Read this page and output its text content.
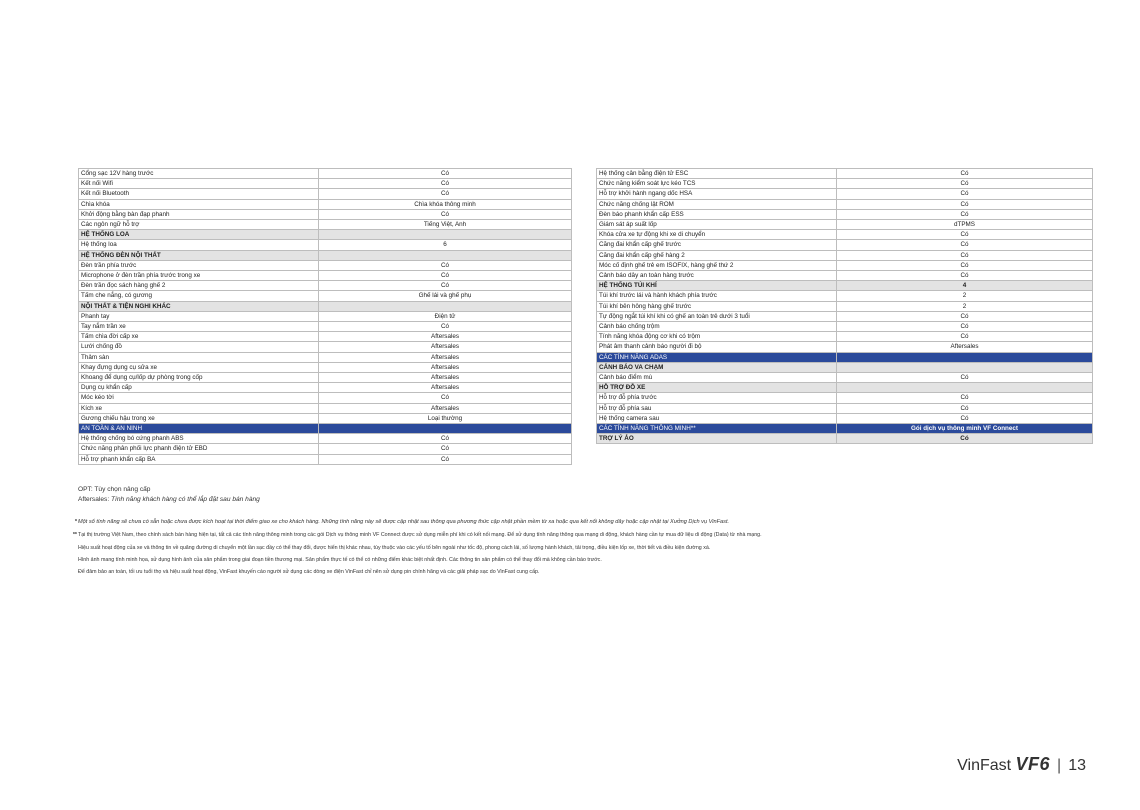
Cổng sạc 12V hàng trước	Có
Kết nối Wifi	Có
Kết nối Bluetooth	Có
Chìa khóa	Chìa khóa thông minh
Khởi động bằng bàn đạp phanh	Có
Các ngôn ngữ hỗ trợ	Tiếng Việt, Anh
HỆ THỐNG LOA	
Hệ thống loa	6
HỆ THỐNG ĐÈN NỘI THẤT	
Đèn trần phía trước	Có
Microphone ở đèn trần phía trước trong xe	Có
Đèn trần đọc sách hàng ghế 2	Có
Tấm che nắng, có gương	Ghế lái và ghế phụ
NỘI THẤT & TIỆN NGHI KHÁC	
Phanh tay	Điện tử
Tay nắm trần xe	Có
Tấm chìa đời cấp xe	Aftersales
Lưới chống đồ	Aftersales
Thảm sàn	Aftersales
Khay đựng dụng cụ sửa xe	Aftersales
Khoang để dụng cụ/lốp dự phòng trong cốp	Aftersales
Dụng cụ khẩn cấp	Aftersales
Móc kéo tời	Có
Kích xe	Aftersales
Gương chiếu hậu trong xe	Loại thường
AN TOÀN & AN NINH	
Hệ thống chống bó cứng phanh ABS	Có
Chức năng phân phối lực phanh điện tử EBD	Có
Hỗ trợ phanh khẩn cấp BA	Có
Hệ thống cân bằng điện tử ESC	Có
Chức năng kiểm soát lực kéo TCS	Có
Hỗ trợ khởi hành ngang dốc HSA	Có
Chức năng chống lật ROM	Có
Đèn báo phanh khẩn cấp ESS	Có
Giám sát áp suất lốp	dTPMS
Khóa cửa xe tự động khi xe di chuyển	Có
Căng đai khẩn cấp ghế trước	Có
Căng đai khẩn cấp ghế hàng 2	Có
Móc cố định ghế trẻ em ISOFIX, hàng ghế thứ 2	Có
Cảnh báo dây an toàn hàng trước	Có
HỆ THỐNG TÚI KHÍ	4
Túi khí trước lái và hành khách phía trước	2
Túi khí bên hông hàng ghế trước	2
Tự động ngắt túi khí khi có ghế an toàn trẻ dưới 3 tuổi	Có
Cảnh báo chống trộm	Có
Tính năng khóa động cơ khi có trộm	Có
Phát âm thanh cảnh báo người đi bộ	Aftersales
CÁC TÍNH NĂNG ADAS	
CẢNH BÁO VA CHẠM	
Cảnh báo điểm mù	Có
HỖ TRỢ ĐỖ XE	
Hỗ trợ đỗ phía trước	Có
Hỗ trợ đỗ phía sau	Có
Hệ thống camera sau	Có
CÁC TÍNH NĂNG THÔNG MINH**	Gói dịch vụ thông minh VF Connect
TRỢ LÝ ẢO	Có
OPT: Tùy chọn nâng cấp
Aftersales: Tính năng khách hàng có thể lắp đặt sau bán hàng
* Một số tính năng sẽ chưa có sẵn hoặc chưa được kích hoạt tại thời điểm giao xe cho khách hàng. Những tính năng này sẽ được cập nhật sau thông qua phương thức cập nhật phần mềm từ xa hoặc qua kết nối không dây hoặc cập nhật tại Xưởng Dịch vụ VinFast.
** Tại thị trường Việt Nam, theo chính sách bán hàng hiện tại, tất cả các tính năng thông minh trong các gói Dịch vụ thông minh VF Connect được sử dụng miễn phí khi có kết nối mạng. Để sử dụng tính năng thông qua mạng di động, khách hàng cần tự mua dữ liệu di động (Data) từ nhà mạng.
Hiệu suất hoạt động của xe và thông tin về quãng đường di chuyển một lần sạc đầy có thể thay đổi, được hiển thị khác nhau, tùy thuộc vào các yếu tố bên ngoài như tốc độ, phong cách lái, số lượng hành khách, tải trọng, điều kiện lốp xe, thời tiết và điều kiện đường xá.
Hình ảnh mang tính minh họa, sử dụng hình ảnh của sản phẩm trong giai đoạn tiền thương mại. Sản phẩm thực tế có thể có những điểm khác biệt nhất định. Các thông tin sản phẩm có thể thay đổi mà không cần báo trước.
Để đảm bảo an toàn, tối ưu tuổi thọ và hiệu suất hoạt động, VinFast khuyến cáo người sử dụng các dòng xe điện VinFast chỉ nên sử dụng pin chính hãng và các giải pháp sạc do VinFast cung cấp.
VinFast VF6 | 13
